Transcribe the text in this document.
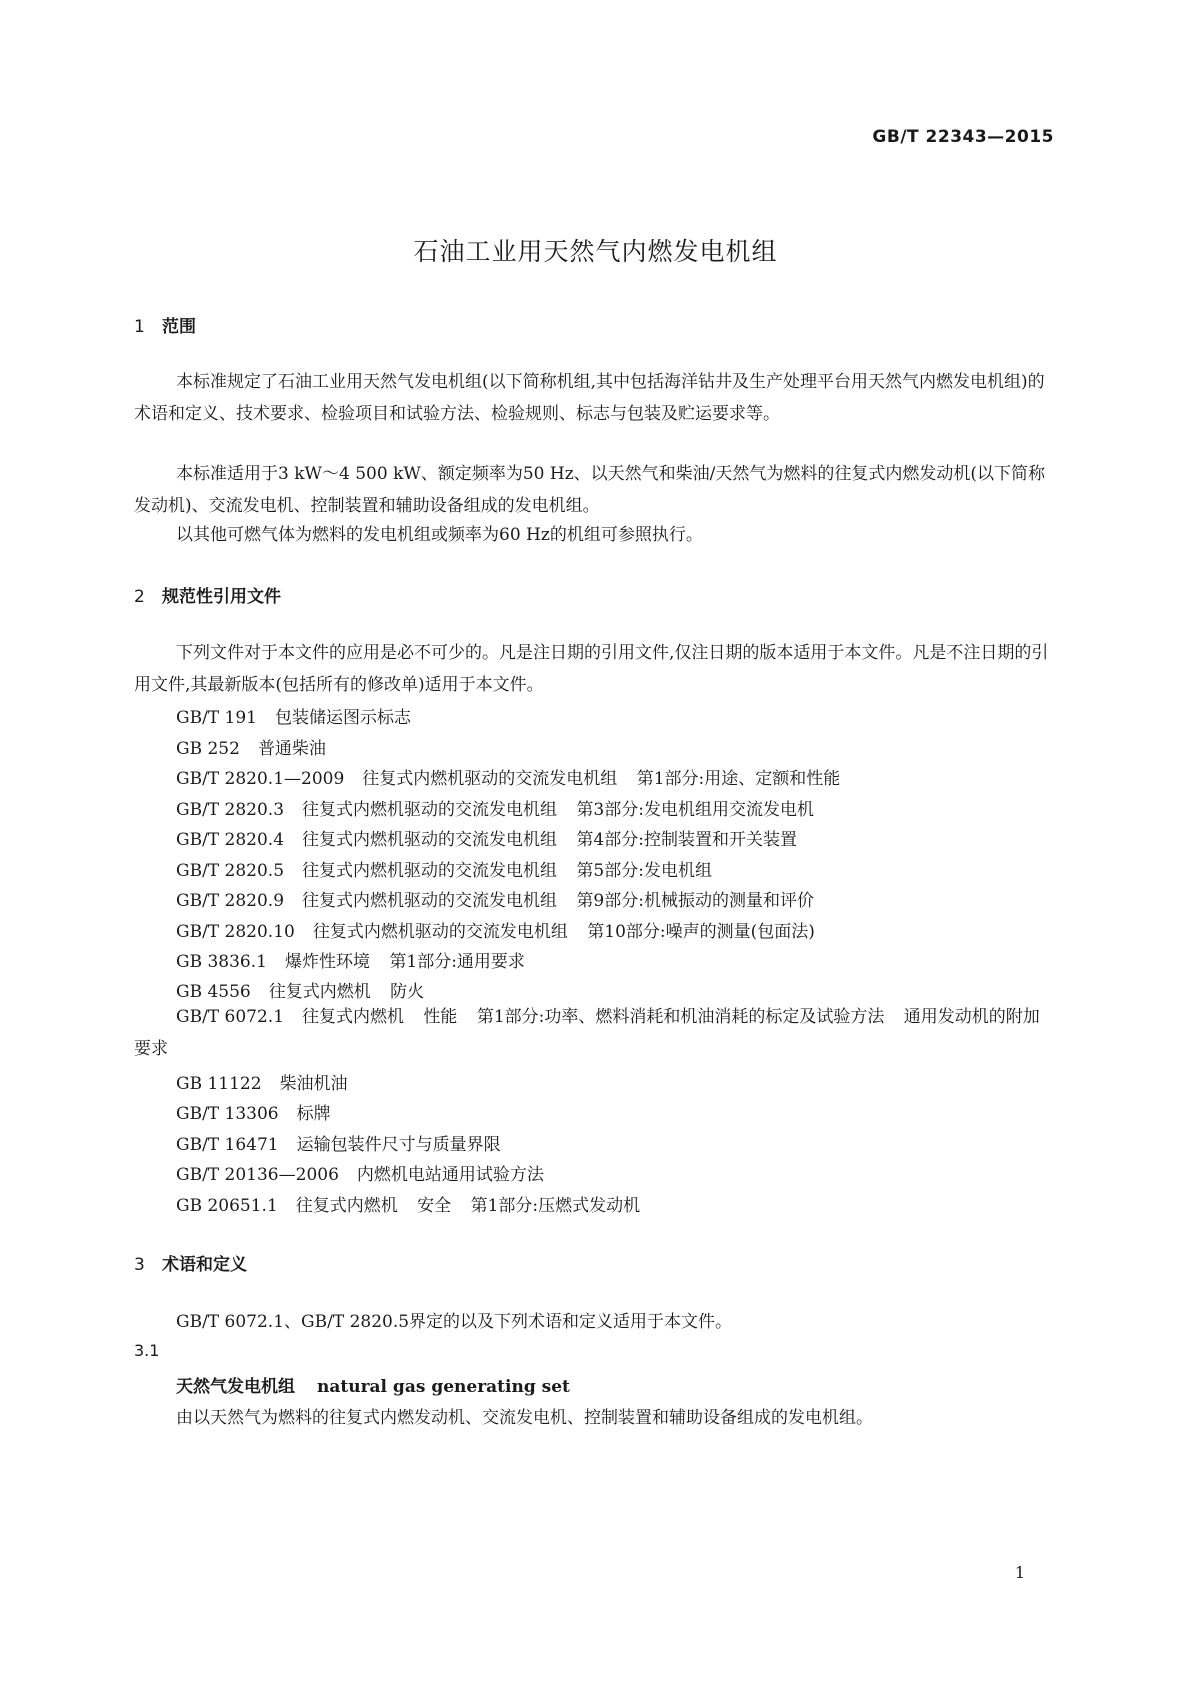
GB/T 22343—2015
石油工业用天然气内燃发电机组
1 范围
本标准规定了石油工业用天然气发电机组(以下简称机组,其中包括海洋钻井及生产处理平台用天然气内燃发电机组)的术语和定义、技术要求、检验项目和试验方法、检验规则、标志与包装及贮运要求等。
本标准适用于3 kW～4 500 kW、额定频率为50 Hz、以天然气和柴油/天然气为燃料的往复式内燃发动机(以下简称发动机)、交流发电机、控制装置和辅助设备组成的发电机组。
以其他可燃气体为燃料的发电机组或频率为60 Hz的机组可参照执行。
2 规范性引用文件
下列文件对于本文件的应用是必不可少的。凡是注日期的引用文件,仅注日期的版本适用于本文件。凡是不注日期的引用文件,其最新版本(包括所有的修改单)适用于本文件。
GB/T 191 包装储运图示标志
GB 252 普通柴油
GB/T 2820.1—2009 往复式内燃机驱动的交流发电机组 第1部分:用途、定额和性能
GB/T 2820.3 往复式内燃机驱动的交流发电机组 第3部分:发电机组用交流发电机
GB/T 2820.4 往复式内燃机驱动的交流发电机组 第4部分:控制装置和开关装置
GB/T 2820.5 往复式内燃机驱动的交流发电机组 第5部分:发电机组
GB/T 2820.9 往复式内燃机驱动的交流发电机组 第9部分:机械振动的测量和评价
GB/T 2820.10 往复式内燃机驱动的交流发电机组 第10部分:噪声的测量(包面法)
GB 3836.1 爆炸性环境 第1部分:通用要求
GB 4556 往复式内燃机 防火
GB/T 6072.1 往复式内燃机 性能 第1部分:功率、燃料消耗和机油消耗的标定及试验方法 通用发动机的附加要求
GB 11122 柴油机油
GB/T 13306 标牌
GB/T 16471 运输包装件尺寸与质量界限
GB/T 20136—2006 内燃机电站通用试验方法
GB 20651.1 往复式内燃机 安全 第1部分:压燃式发动机
3 术语和定义
GB/T 6072.1、GB/T 2820.5界定的以及下列术语和定义适用于本文件。
3.1
天然气发电机组 natural gas generating set
由以天然气为燃料的往复式内燃发动机、交流发电机、控制装置和辅助设备组成的发电机组。
1
